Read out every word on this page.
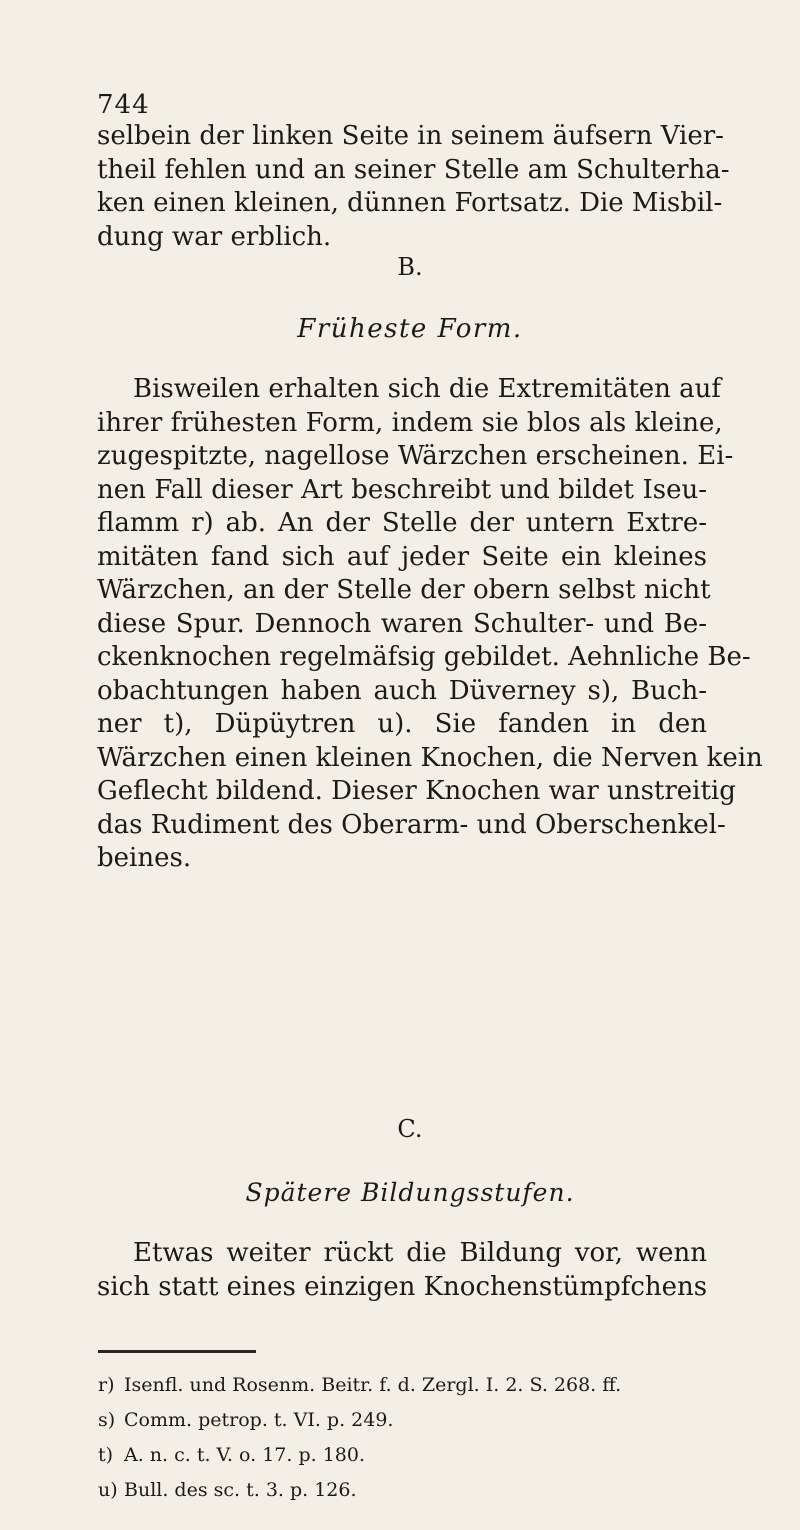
744
selbein der linken Seite in seinem äufsern Vier-
theil fehlen und an seiner Stelle am Schulterha-
ken einen kleinen, dünnen Fortsatz. Die Misbil-
dung war erblich.
B.
Früheste Form.
Bisweilen erhalten sich die Extremitäten auf
ihrer frühesten Form, indem sie blos als kleine,
zugespitzte, nagellose Wärzchen erscheinen. Ei-
nen Fall dieser Art beschreibt und bildet Iseu-
flamm r) ab. An der Stelle der untern Extre-
mitäten fand sich auf jeder Seite ein kleines
Wärzchen, an der Stelle der obern selbst nicht
diese Spur. Dennoch waren Schulter- und Be-
ckenknochen regelmäfsig gebildet. Aehnliche Be-
obachtungen haben auch Düverney s), Buch-
ner t), Düpüytren u). Sie fanden in den
Wärzchen einen kleinen Knochen, die Nerven kein
Geflecht bildend. Dieser Knochen war unstreitig
das Rudiment des Oberarm- und Oberschenkel-
beines.
C.
Spätere Bildungsstufen.
Etwas weiter rückt die Bildung vor, wenn
sich statt eines einzigen Knochenstümpfchens
r) Isenfl. und Rosenm. Beitr. f. d. Zergl. I. 2. S. 268. ff.
s) Comm. petrop. t. VI. p. 249.
t) A. n. c. t. V. o. 17. p. 180.
u) Bull. des sc. t. 3. p. 126.
